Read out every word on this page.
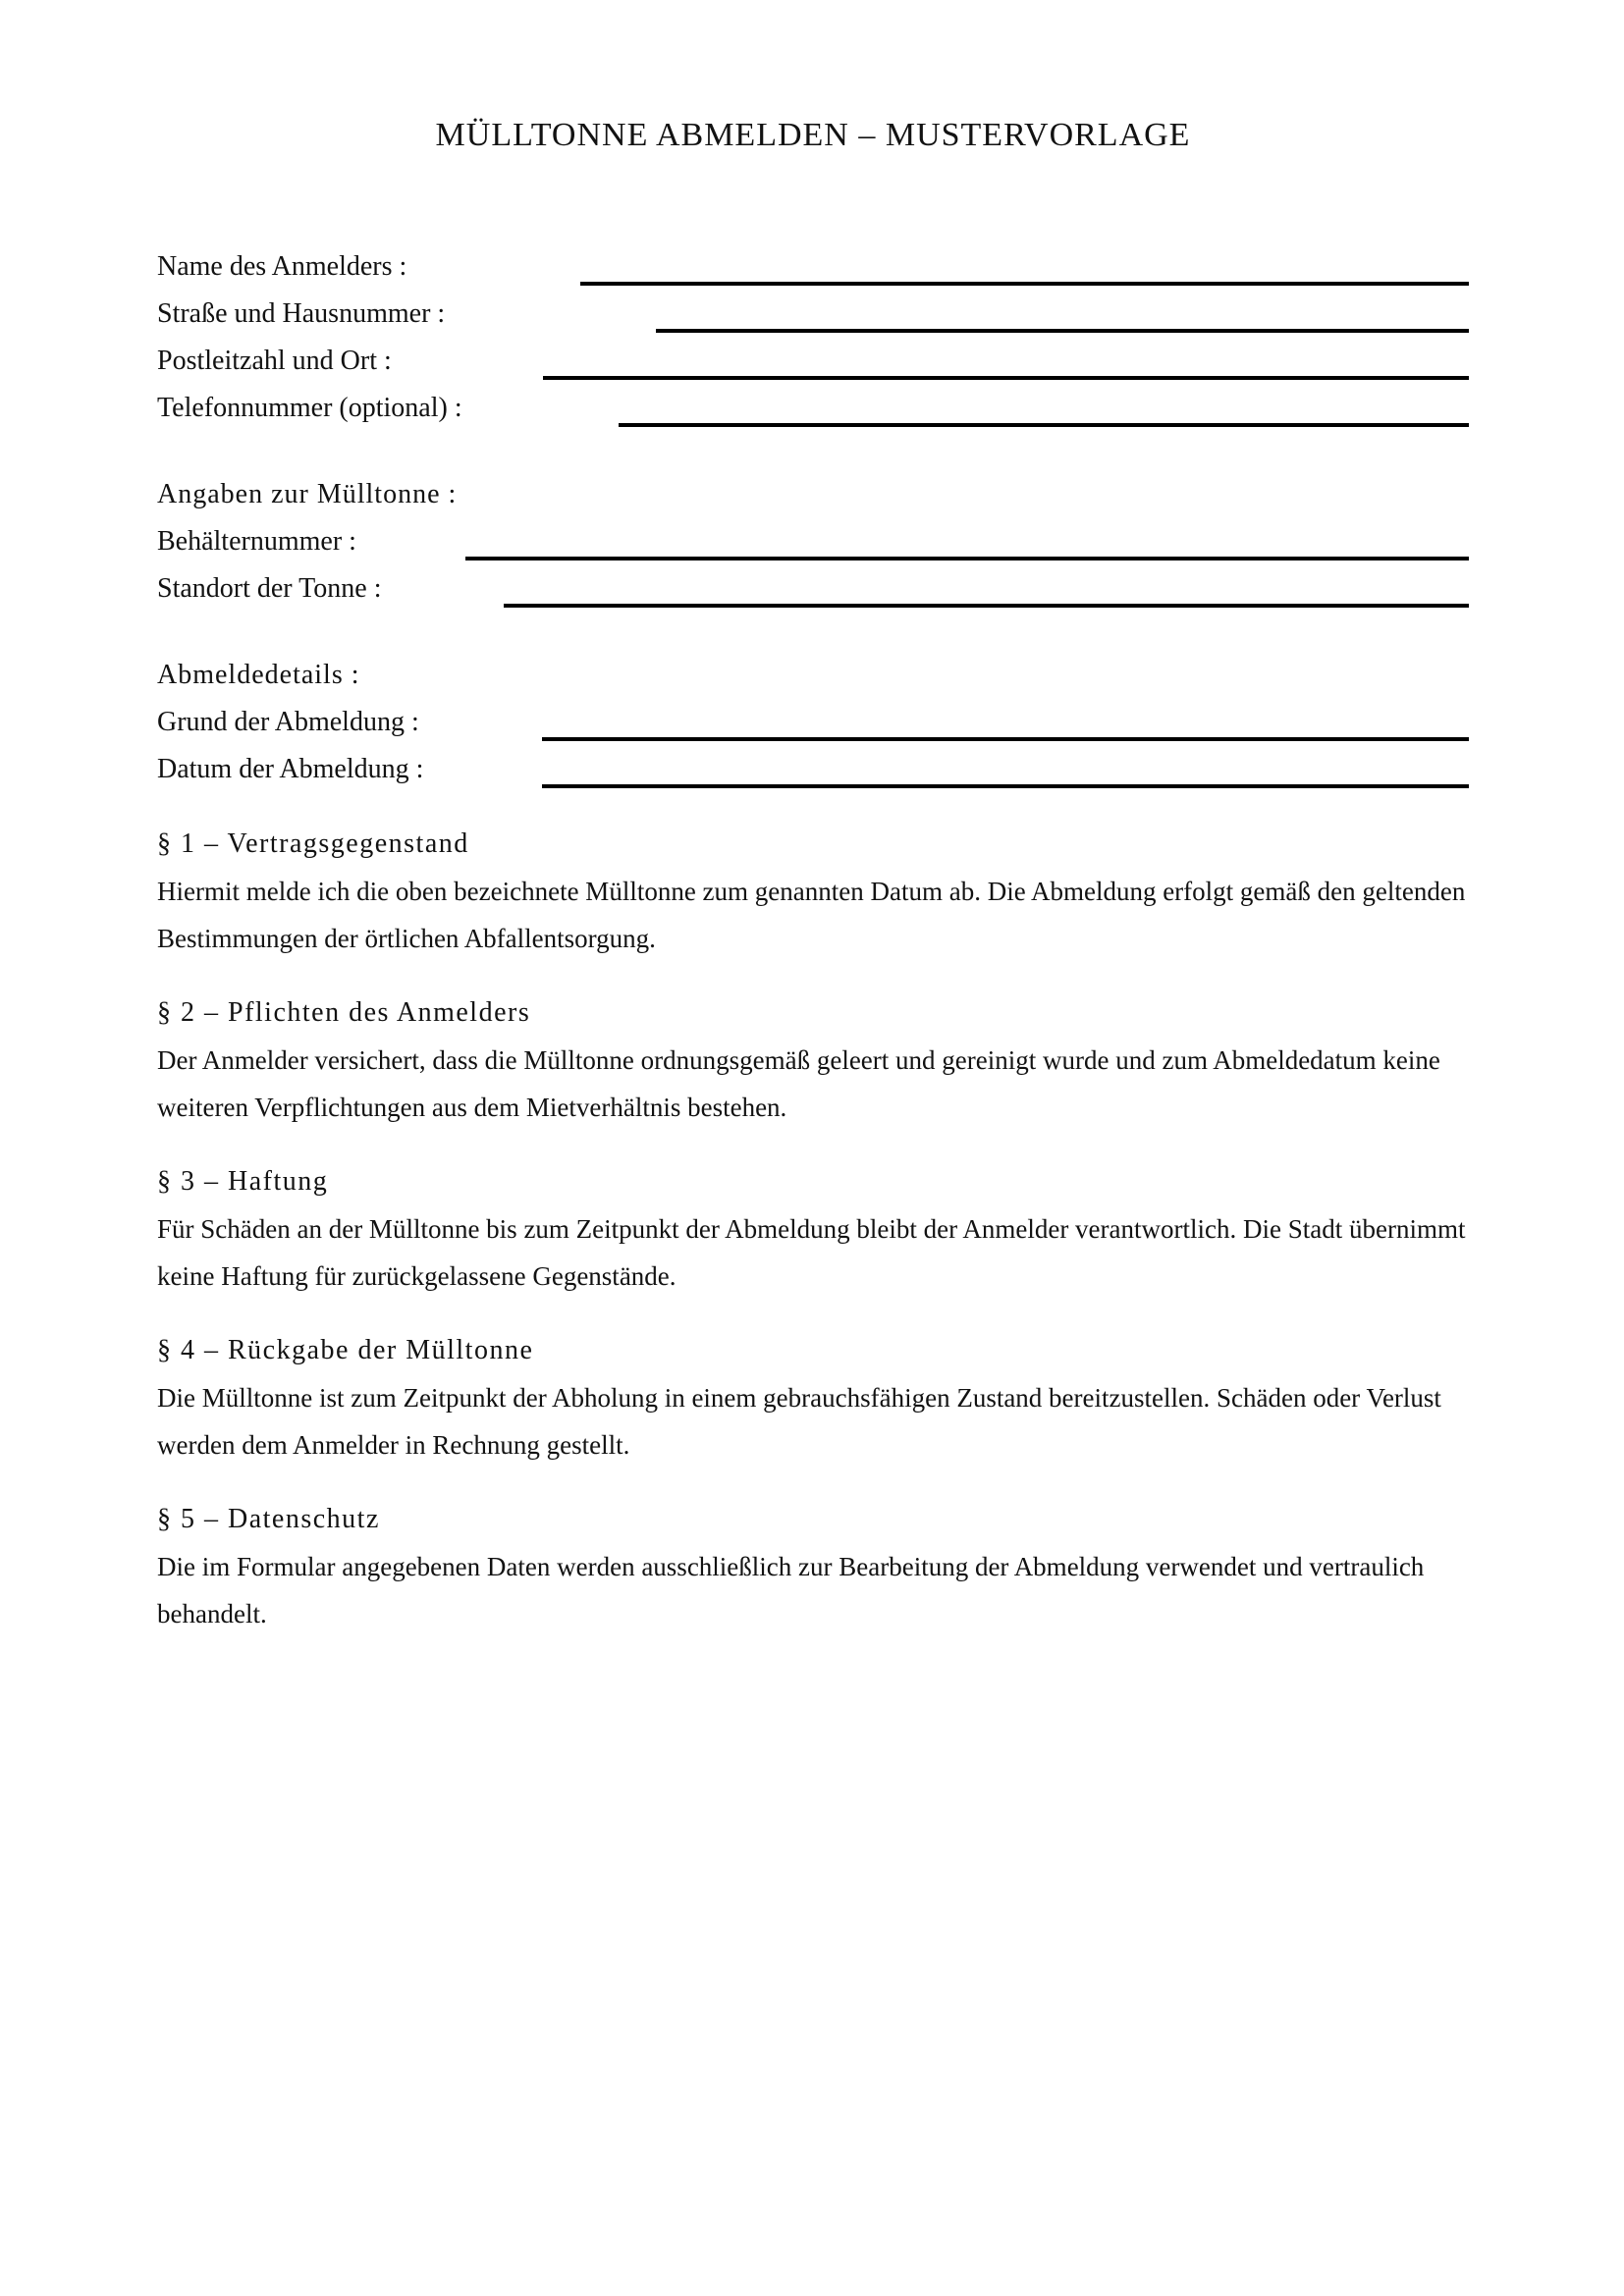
MÜLLTONNE ABMELDEN – MUSTERVORLAGE
Name des Anmelders :
Straße und Hausnummer :
Postleitzahl und Ort :
Telefonnummer (optional) :
Angaben zur Mülltonne :
Behälternummer :
Standort der Tonne :
Abmeldedetails :
Grund der Abmeldung :
Datum der Abmeldung :
§ 1 – Vertragsgegenstand

Hiermit melde ich die oben bezeichnete Mülltonne zum genannten Datum ab. Die Abmeldung erfolgt gemäß den geltenden Bestimmungen der örtlichen Abfallentsorgung.

§ 2 – Pflichten des Anmelders

Der Anmelder versichert, dass die Mülltonne ordnungsgemäß geleert und gereinigt wurde und zum Abmeldedatum keine weiteren Verpflichtungen aus dem Mietverhältnis bestehen.

§ 3 – Haftung

Für Schäden an der Mülltonne bis zum Zeitpunkt der Abmeldung bleibt der Anmelder verantwortlich. Die Stadt übernimmt keine Haftung für zurückgelassene Gegenstände.

§ 4 – Rückgabe der Mülltonne

Die Mülltonne ist zum Zeitpunkt der Abholung in einem gebrauchsfähigen Zustand bereitzustellen. Schäden oder Verlust werden dem Anmelder in Rechnung gestellt.

§ 5 – Datenschutz

Die im Formular angegebenen Daten werden ausschließlich zur Bearbeitung der Abmeldung verwendet und vertraulich behandelt.
